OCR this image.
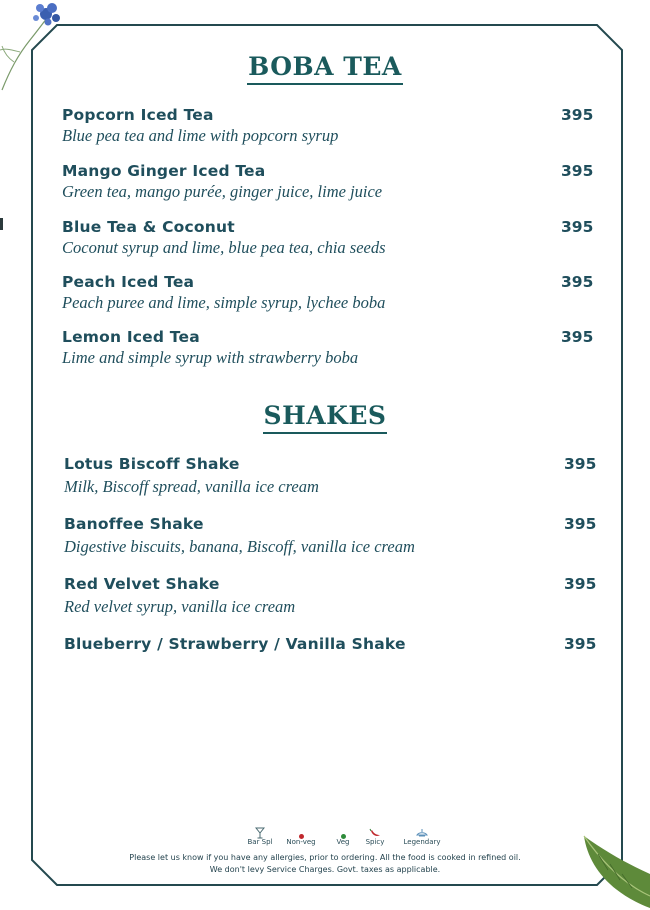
BOBA TEA
Popcorn Iced Tea	395
Blue pea tea and lime with popcorn syrup
Mango Ginger Iced Tea	395
Green tea, mango purée, ginger juice, lime juice
Blue Tea & Coconut	395
Coconut syrup and lime, blue pea tea, chia seeds
Peach Iced Tea	395
Peach puree and lime, simple syrup, lychee boba
Lemon Iced Tea	395
Lime and simple syrup with strawberry boba
SHAKES
Lotus Biscoff Shake	395
Milk, Biscoff spread, vanilla ice cream
Banoffee Shake	395
Digestive biscuits, banana, Biscoff, vanilla ice cream
Red Velvet Shake	395
Red velvet syrup, vanilla ice cream
Blueberry / Strawberry / Vanilla Shake	395
Bar Spl	Non-veg	Veg	Spicy	Legendary
Please let us know if you have any allergies, prior to ordering. All the food is cooked in refined oil.
We don't levy Service Charges. Govt. taxes as applicable.
